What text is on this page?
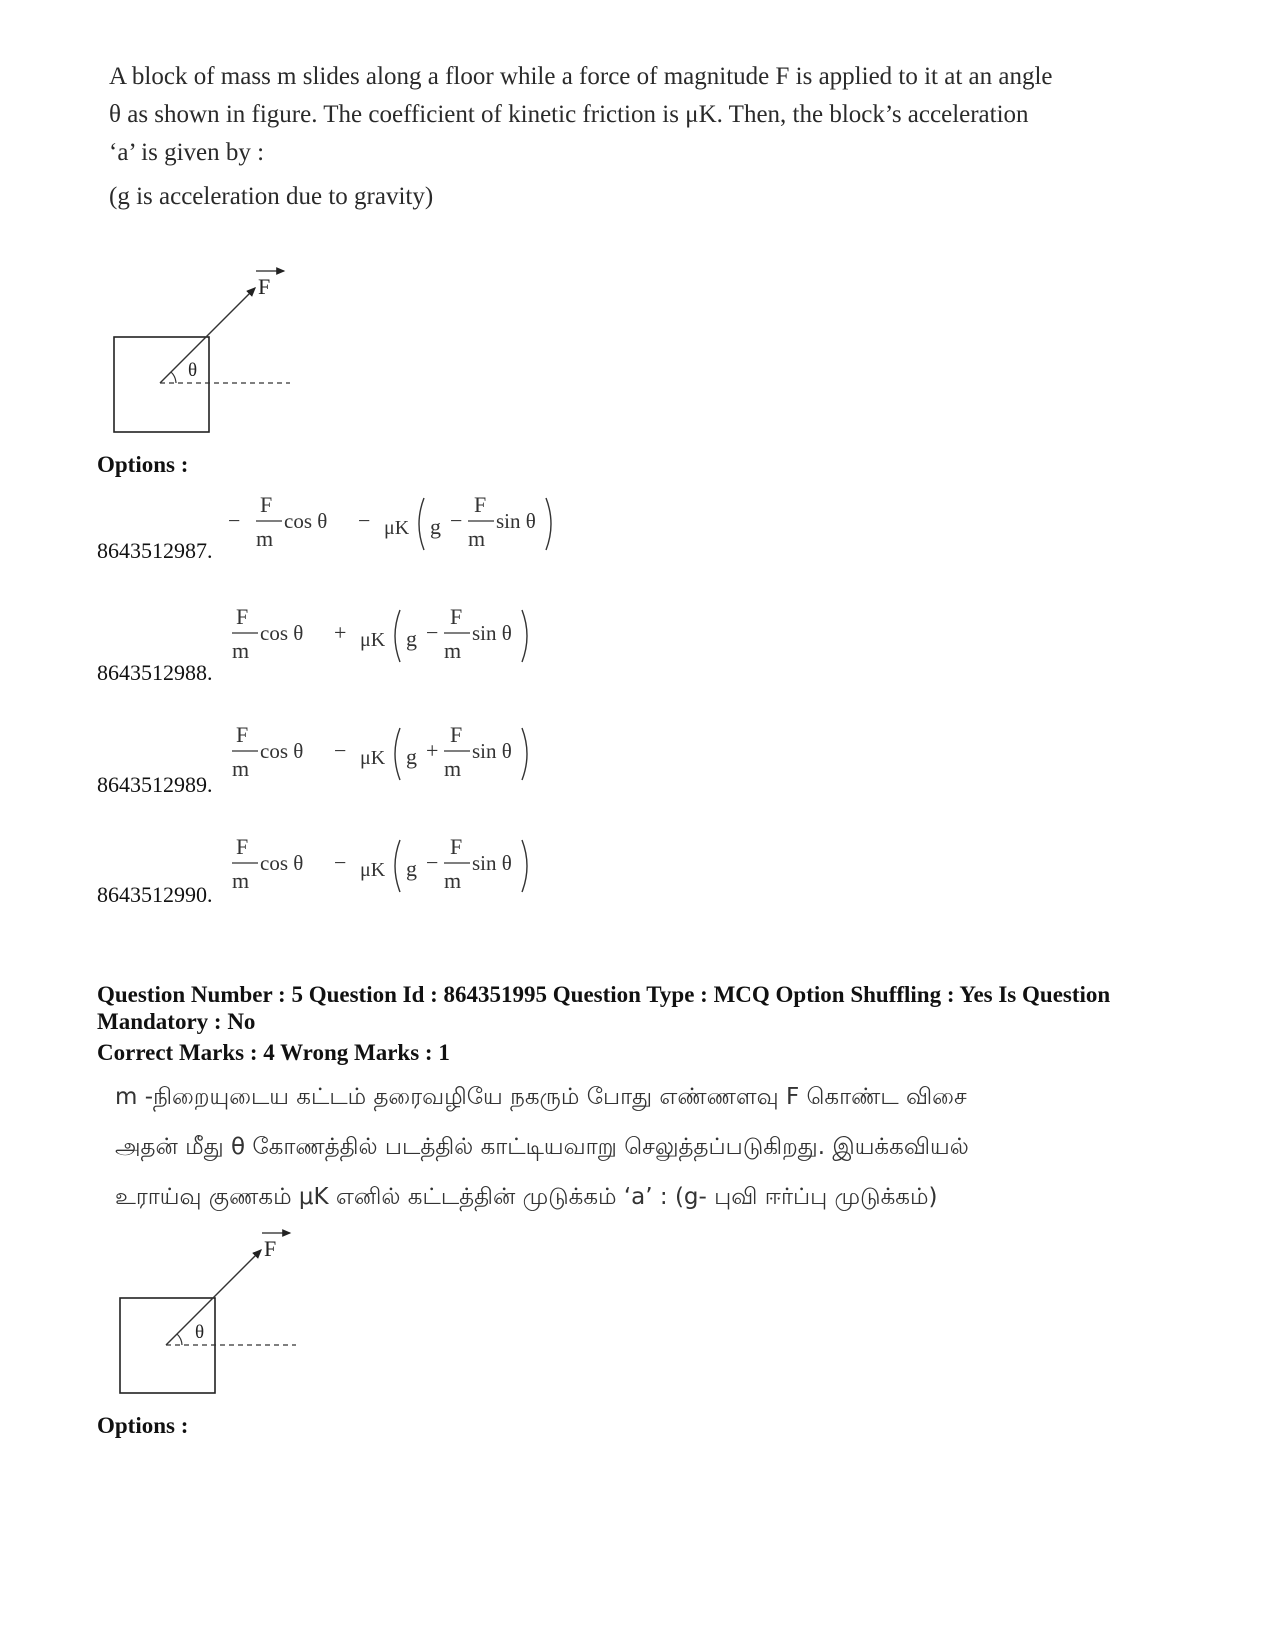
A block of mass m slides along a floor while a force of magnitude F is applied to it at an angle

θ as shown in figure. The coefficient of kinetic friction is μK. Then, the block’s acceleration

‘a’ is given by :

(g is acceleration due to gravity)
θ
F
Options :
8643512987.
−
F
m
cos θ − μK g −
F
m
sin θ
8643512988.
F
m
cos θ + μK g −
F
m
sin θ
8643512989.
F
m
cos θ − μK g +
F
m
sin θ
8643512990.
F
m
cos θ − μK g −
F
m
sin θ
Question Number : 5 Question Id : 864351995 Question Type : MCQ Option Shuffling : Yes Is Question
Mandatory : No
Correct Marks : 4 Wrong Marks : 1

m -நிறையுடைய கட்டம் தரைவழியே நகரும் போது எண்ணளவு F கொண்ட விசை

அதன் மீது θ கோணத்தில் படத்தில் காட்டியவாறு செலுத்தப்படுகிறது. இயக்கவியல்

உராய்வு குணகம் μK எனில் கட்டத்தின் முடுக்கம் ‘a’ : (g- புவி ஈர்ப்பு முடுக்கம்)

θ
F
Options :
